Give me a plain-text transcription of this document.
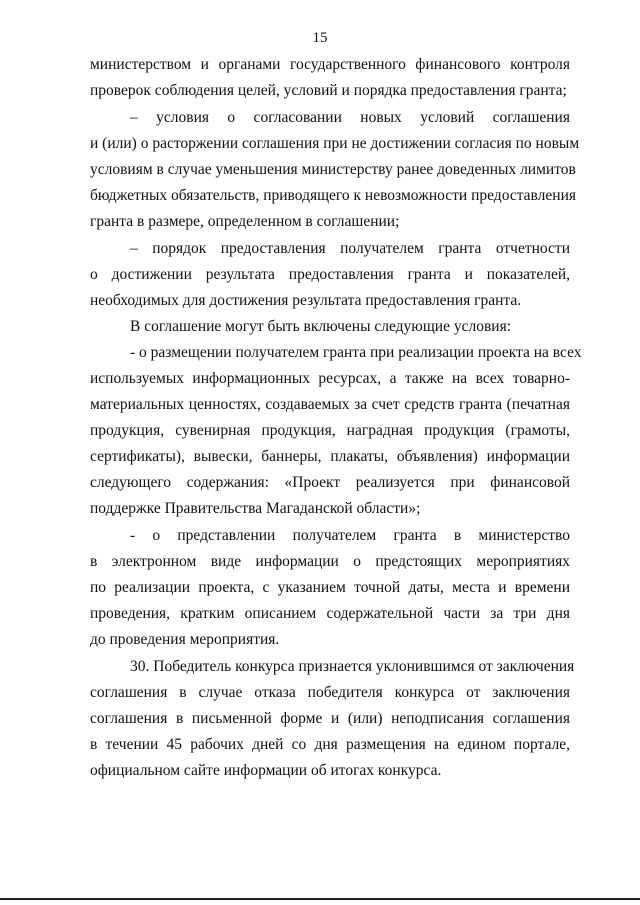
15
министерством и органами государственного финансового контроля
проверок соблюдения целей, условий и порядка предоставления гранта;
– условия о согласовании новых условий соглашения
и (или) о расторжении соглашения при не достижении согласия по новым
условиям в случае уменьшения министерству ранее доведенных лимитов
бюджетных обязательств, приводящего к невозможности предоставления
гранта в размере, определенном в соглашении;
– порядок предоставления получателем гранта отчетности
о достижении результата предоставления гранта и показателей,
необходимых для достижения результата предоставления гранта.
В соглашение могут быть включены следующие условия:
- о размещении получателем гранта при реализации проекта на всех
используемых информационных ресурсах, а также на всех товарно-
материальных ценностях, создаваемых за счет средств гранта (печатная
продукция, сувенирная продукция, наградная продукция (грамоты,
сертификаты), вывески, баннеры, плакаты, объявления) информации
следующего содержания: «Проект реализуется при финансовой
поддержке Правительства Магаданской области»;
- о представлении получателем гранта в министерство
в электронном виде информации о предстоящих мероприятиях
по реализации проекта, с указанием точной даты, места и времени
проведения, кратким описанием содержательной части за три дня
до проведения мероприятия.
30. Победитель конкурса признается уклонившимся от заключения
соглашения в случае отказа победителя конкурса от заключения
соглашения в письменной форме и (или) неподписания соглашения
в течении 45 рабочих дней со дня размещения на едином портале,
официальном сайте информации об итогах конкурса.
